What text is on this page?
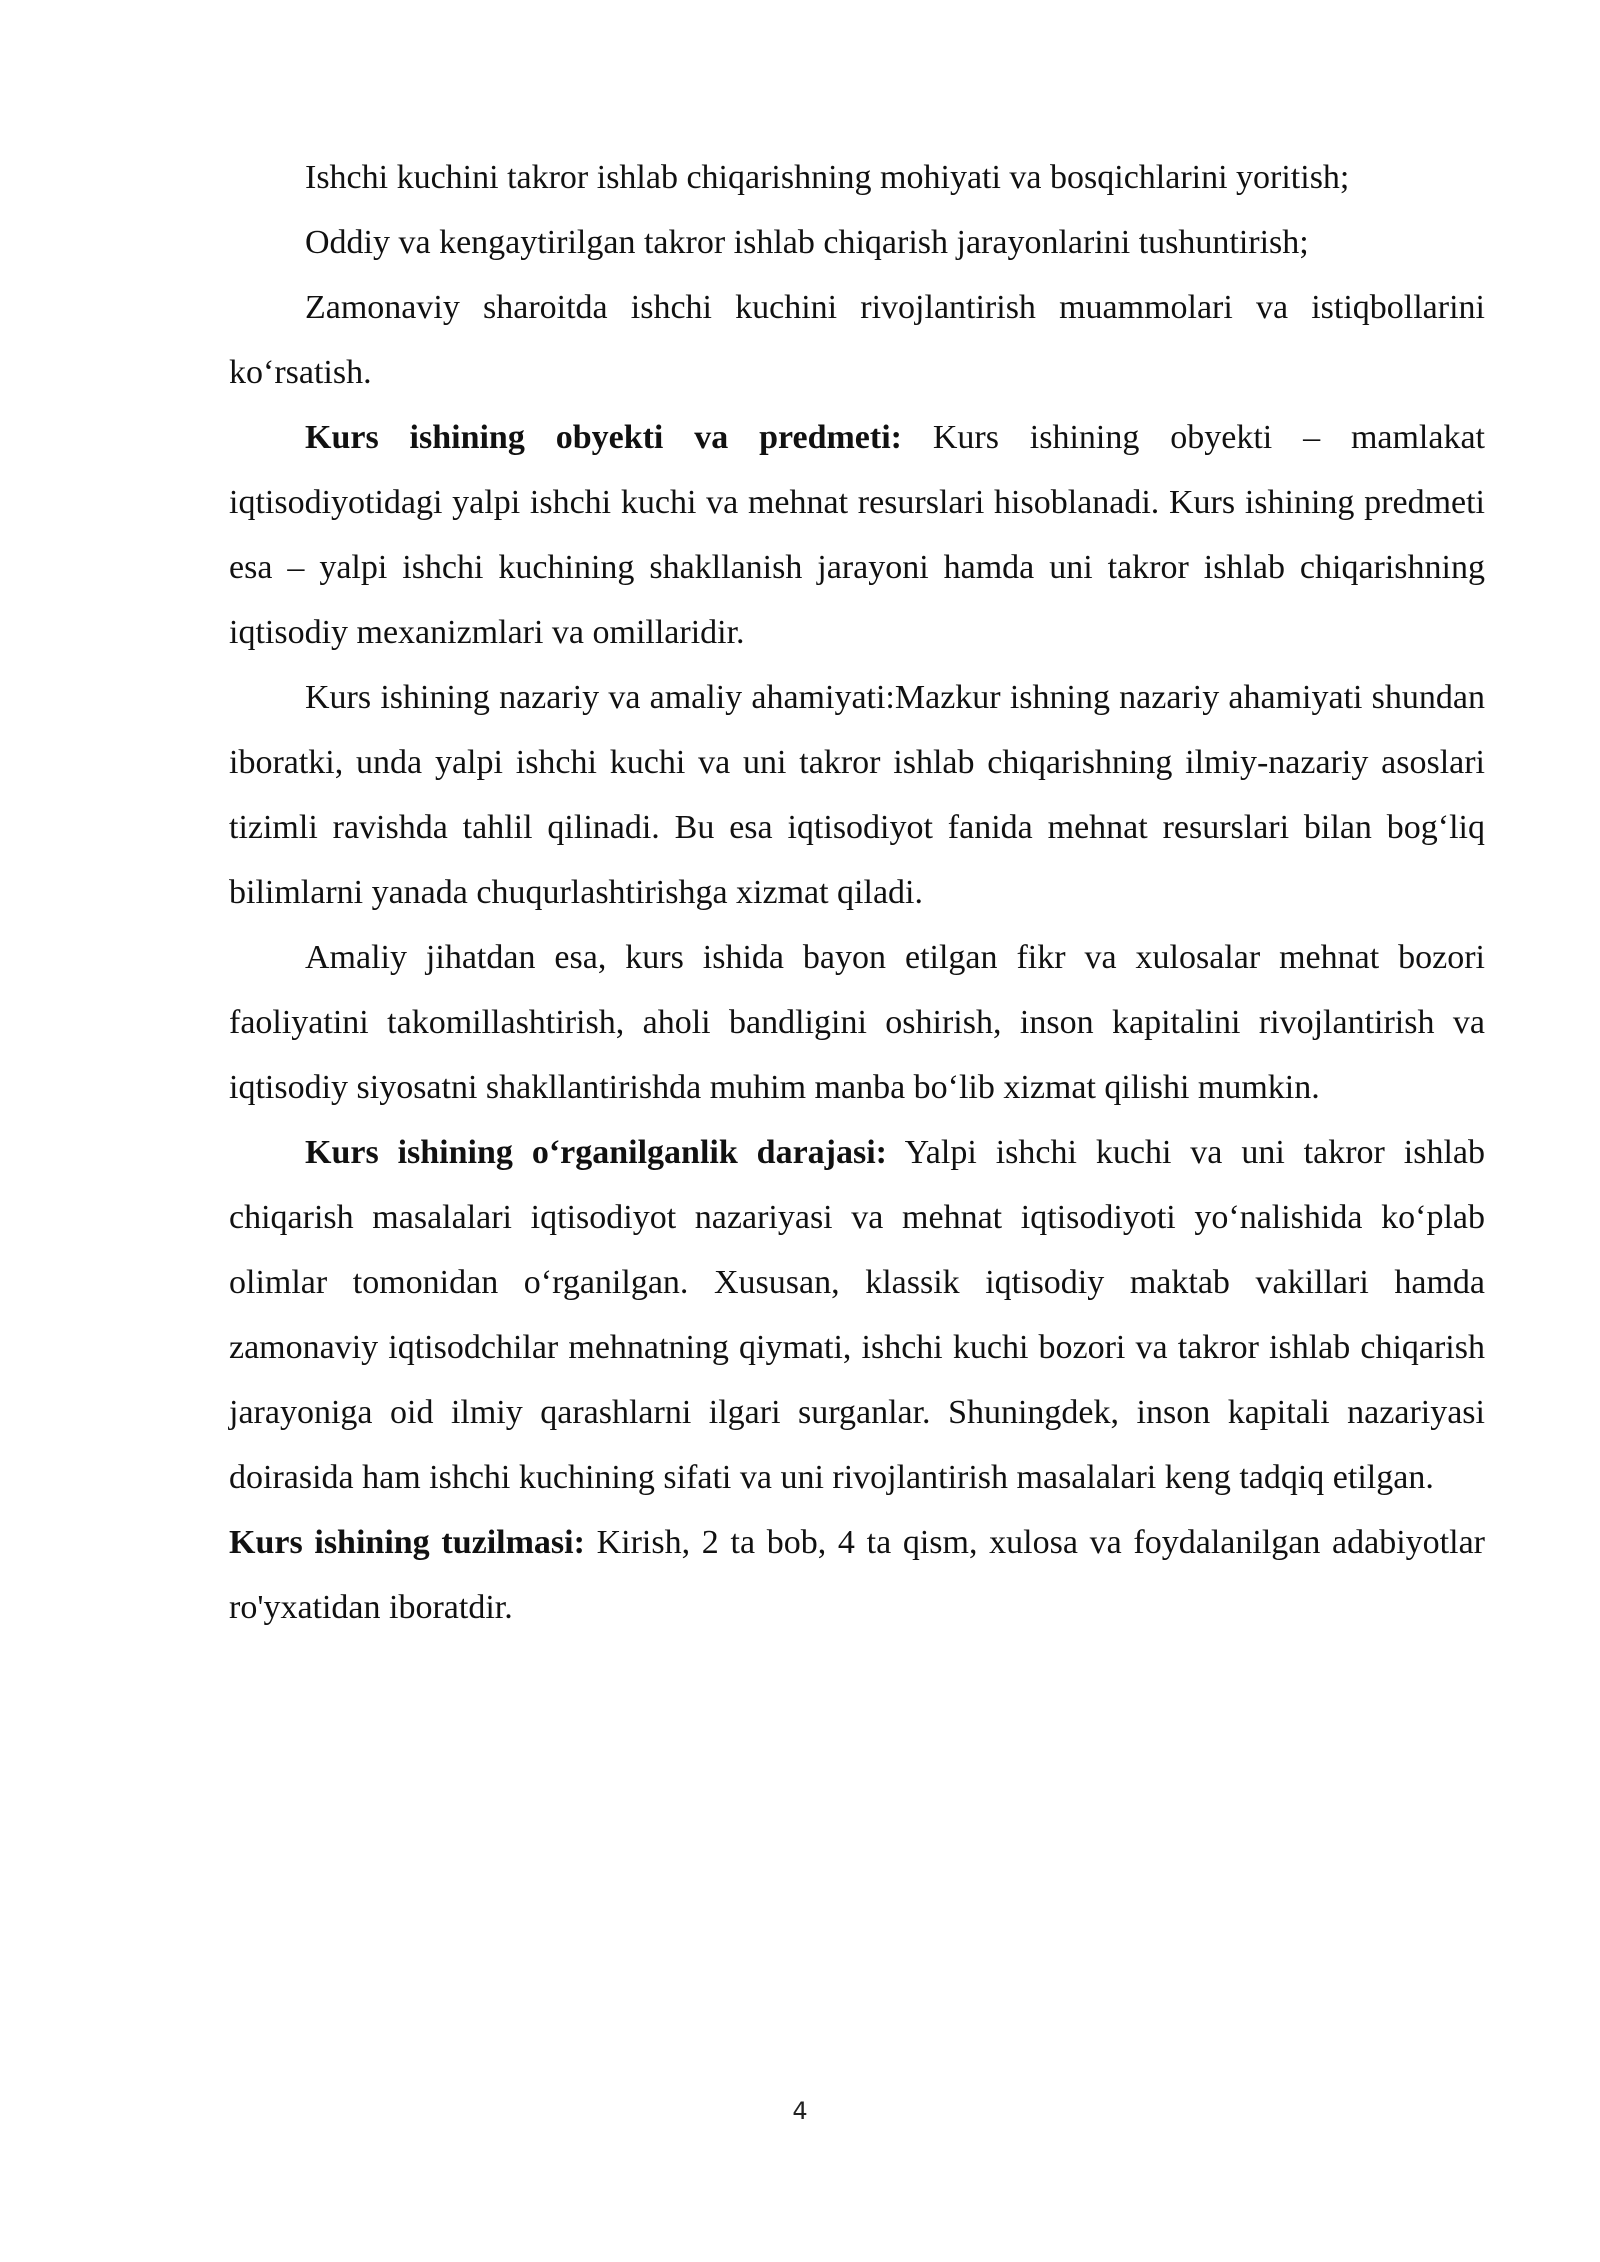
Ishchi kuchini takror ishlab chiqarishning mohiyati va bosqichlarini yoritish;

Oddiy va kengaytirilgan takror ishlab chiqarish jarayonlarini tushuntirish;

Zamonaviy sharoitda ishchi kuchini rivojlantirish muammolari va istiqbollarini ko‘rsatish.

Kurs ishining obyekti va predmeti: Kurs ishining obyekti – mamlakat iqtisodiyotidagi yalpi ishchi kuchi va mehnat resurslari hisoblanadi. Kurs ishining predmeti esa – yalpi ishchi kuchining shakllanish jarayoni hamda uni takror ishlab chiqarishning iqtisodiy mexanizmlari va omillaridir.

Kurs ishining nazariy va amaliy ahamiyati:Mazkur ishning nazariy ahamiyati shundan iboratki, unda yalpi ishchi kuchi va uni takror ishlab chiqarishning ilmiy-nazariy asoslari tizimli ravishda tahlil qilinadi. Bu esa iqtisodiyot fanida mehnat resurslari bilan bog‘liq bilimlarni yanada chuqurlashtirishga xizmat qiladi.

Amaliy jihatdan esa, kurs ishida bayon etilgan fikr va xulosalar mehnat bozori faoliyatini takomillashtirish, aholi bandligini oshirish, inson kapitalini rivojlantirish va iqtisodiy siyosatni shakllantirishda muhim manba bo‘lib xizmat qilishi mumkin.

Kurs ishining o‘rganilganlik darajasi: Yalpi ishchi kuchi va uni takror ishlab chiqarish masalalari iqtisodiyot nazariyasi va mehnat iqtisodiyoti yo‘nalishida ko‘plab olimlar tomonidan o‘rganilgan. Xususan, klassik iqtisodiy maktab vakillari hamda zamonaviy iqtisodchilar mehnatning qiymati, ishchi kuchi bozori va takror ishlab chiqarish jarayoniga oid ilmiy qarashlarni ilgari surganlar. Shuningdek, inson kapitali nazariyasi doirasida ham ishchi kuchining sifati va uni rivojlantirish masalalari keng tadqiq etilgan.

Kurs ishining tuzilmasi: Kirish, 2 ta bob, 4 ta qism, xulosa va foydalanilgan adabiyotlar ro'yxatidan iboratdir.

4
